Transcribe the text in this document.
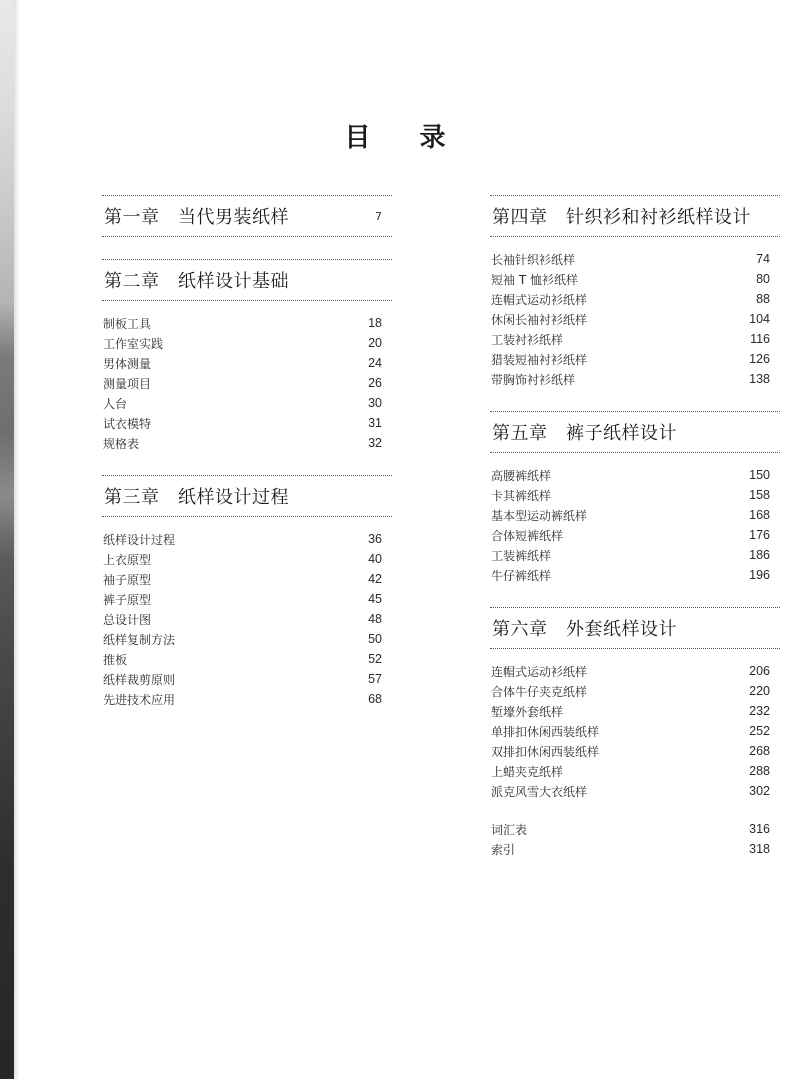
目 录
第一章　当代男装纸样	7
第二章　纸样设计基础
制板工具	18
工作室实践	20
男体测量	24
测量项目	26
人台	30
试衣模特	31
规格表	32
第三章　纸样设计过程
纸样设计过程	36
上衣原型	40
袖子原型	42
裤子原型	45
总设计图	48
纸样复制方法	50
推板	52
纸样裁剪原则	57
先进技术应用	68
第四章　针织衫和衬衫纸样设计
长袖针织衫纸样	74
短袖 T 恤衫纸样	80
连帽式运动衫纸样	88
休闲长袖衬衫纸样	104
工装衬衫纸样	116
猎装短袖衬衫纸样	126
带胸饰衬衫纸样	138
第五章　裤子纸样设计
高腰裤纸样	150
卡其裤纸样	158
基本型运动裤纸样	168
合体短裤纸样	176
工装裤纸样	186
牛仔裤纸样	196
第六章　外套纸样设计
连帽式运动衫纸样	206
合体牛仔夹克纸样	220
堑壕外套纸样	232
单排扣休闲西装纸样	252
双排扣休闲西装纸样	268
上蜡夹克纸样	288
派克风雪大衣纸样	302
词汇表	316
索引	318
